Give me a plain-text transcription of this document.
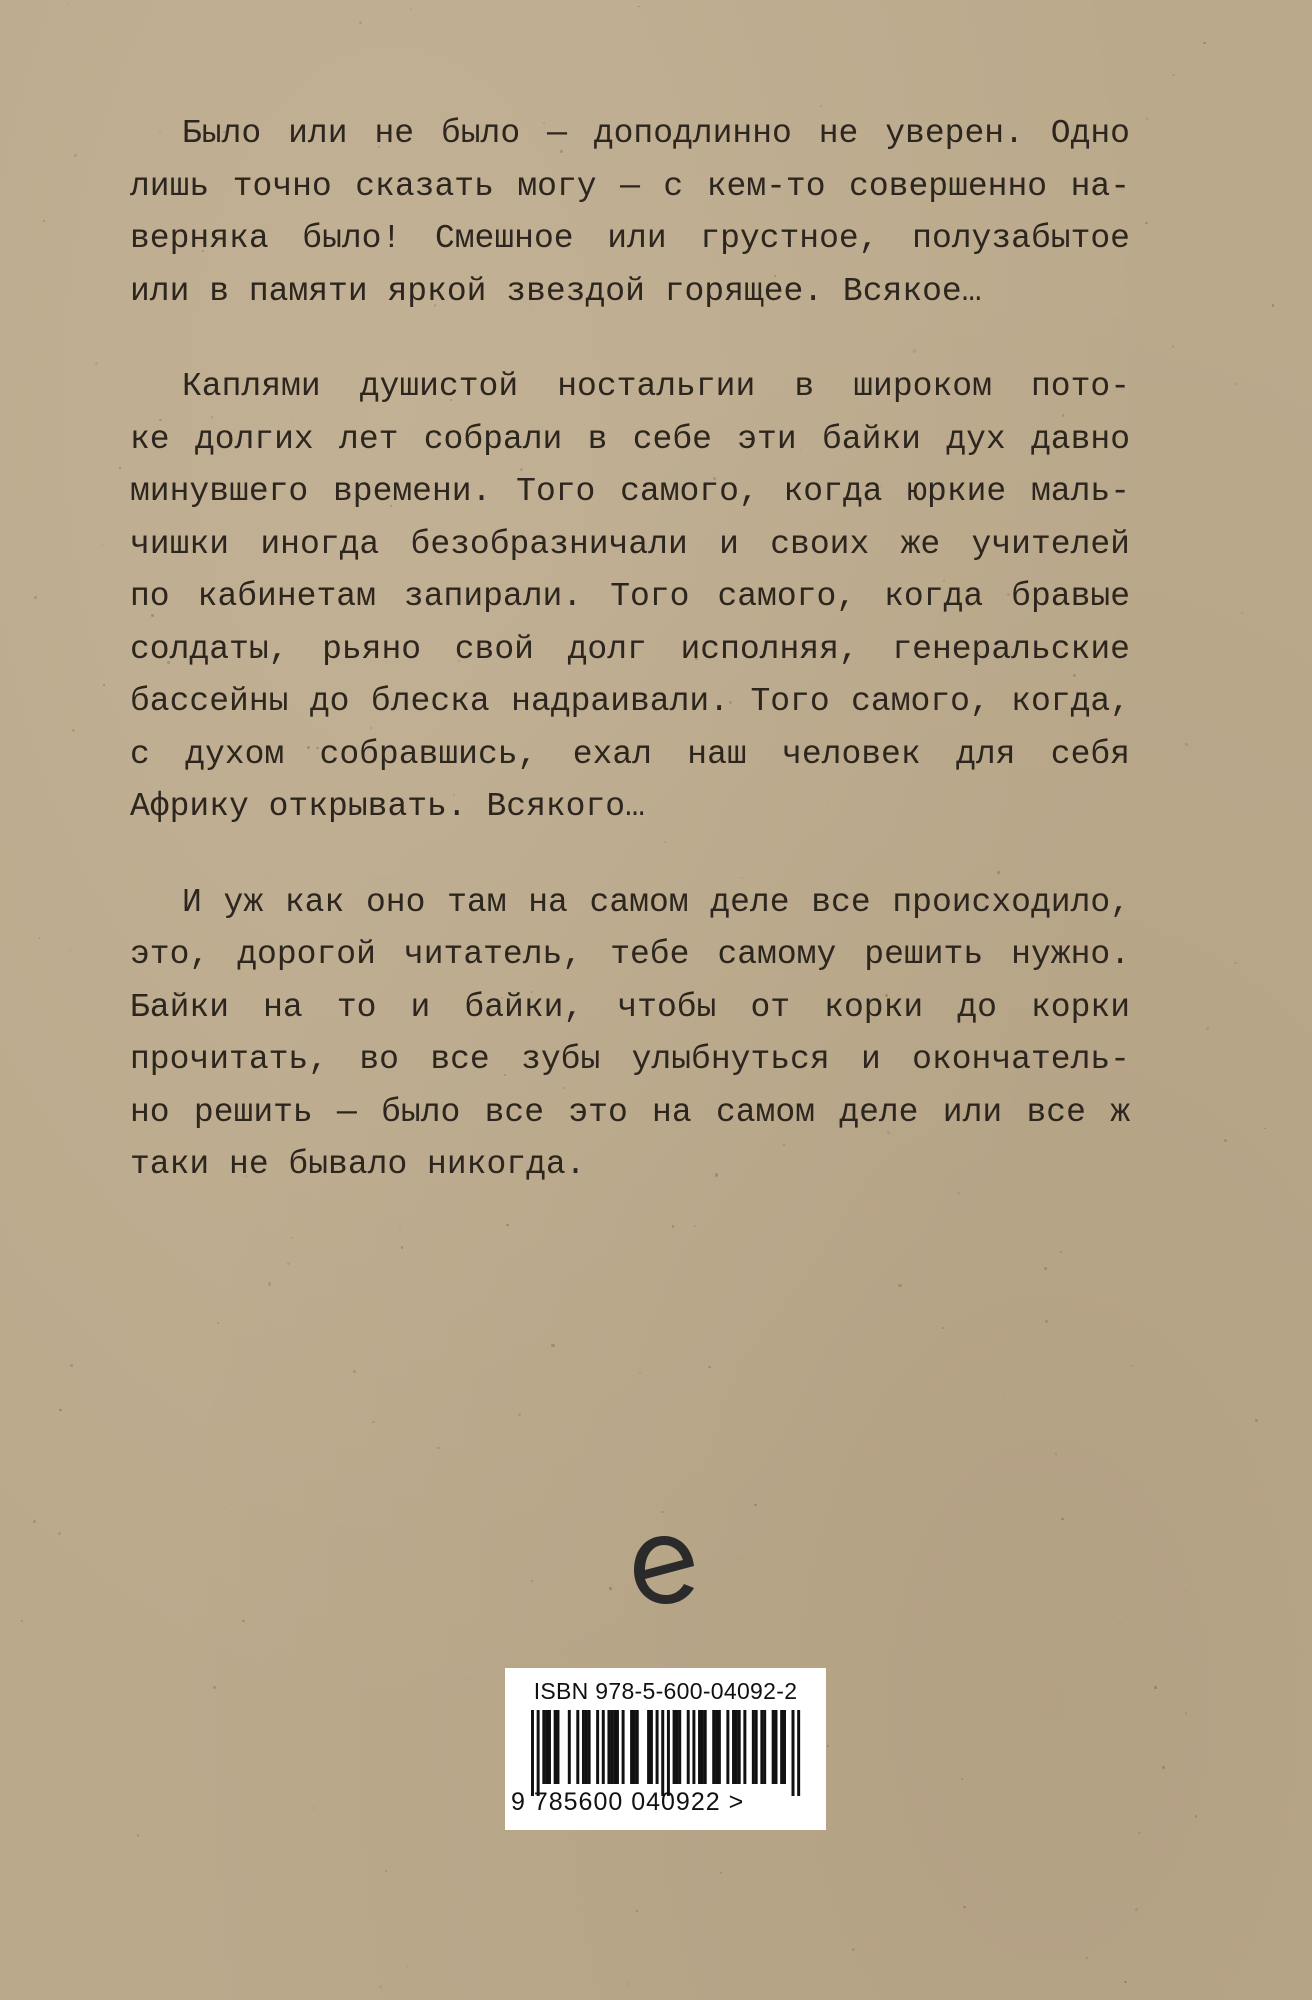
Было или не было — доподлинно не уверен. Одно
лишь точно сказать могу — с кем-то совершенно на-
верняка было! Смешное или грустное, полузабытое
или в памяти яркой звездой горящее. Всякое…
Каплями душистой ностальгии в широком пото-
ке долгих лет собрали в себе эти байки дух давно
минувшего времени. Того самого, когда юркие маль-
чишки иногда безобразничали и своих же учителей
по кабинетам запирали. Того самого, когда бравые
солдаты, рьяно свой долг исполняя, генеральские
бассейны до блеска надраивали. Того самого, когда,
с духом собравшись, ехал наш человек для себя
Африку открывать. Всякого…
И уж как оно там на самом деле все происходило,
это, дорогой читатель, тебе самому решить нужно.
Байки на то и байки, чтобы от корки до корки
прочитать, во все зубы улыбнуться и окончатель-
но решить — было все это на самом деле или все ж
таки не бывало никогда.
ISBN 978-5-600-04092-2
9 785600 040922 >
